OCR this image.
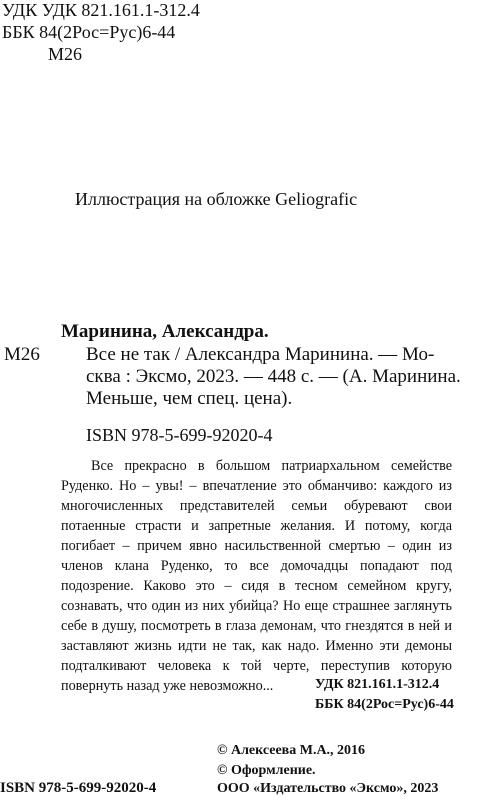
УДК УДК 821.161.1-312.4
ББК 84(2Рос=Рус)6-44
М26
Иллюстрация на обложке Geliografic
Маринина, Александра.
М26 Все не так / Александра Маринина. — Мо-
сква : Эксмо, 2023. — 448 с. — (А. Маринина.
Меньше, чем спец. цена).
ISBN 978-5-699-92020-4

Все прекрасно в большом патриархальном семействе Руденко. Но – увы! – впечатление это обманчиво: каждого из многочисленных представителей семьи обуревают свои потаенные страсти и запретные желания. И потому, когда погибает – причем явно насильственной смертью – один из членов клана Руденко, то все домочадцы попадают под подозрение. Каково это – сидя в тесном семейном кругу, сознавать, что один из них убийца? Но еще страшнее заглянуть себе в душу, посмотреть в глаза демонам, что гнездятся в ней и заставляют жизнь идти не так, как надо. Именно эти демоны подталкивают человека к той черте, переступив которую повернуть назад уже невозможно...	УДК 821.161.1-312.4
ББК 84(2Рос=Рус)6-44
© Алексеева М.А., 2016
© Оформление.
ISBN 978-5-699-92020-4	ООО «Издательство «Эксмо», 2023
